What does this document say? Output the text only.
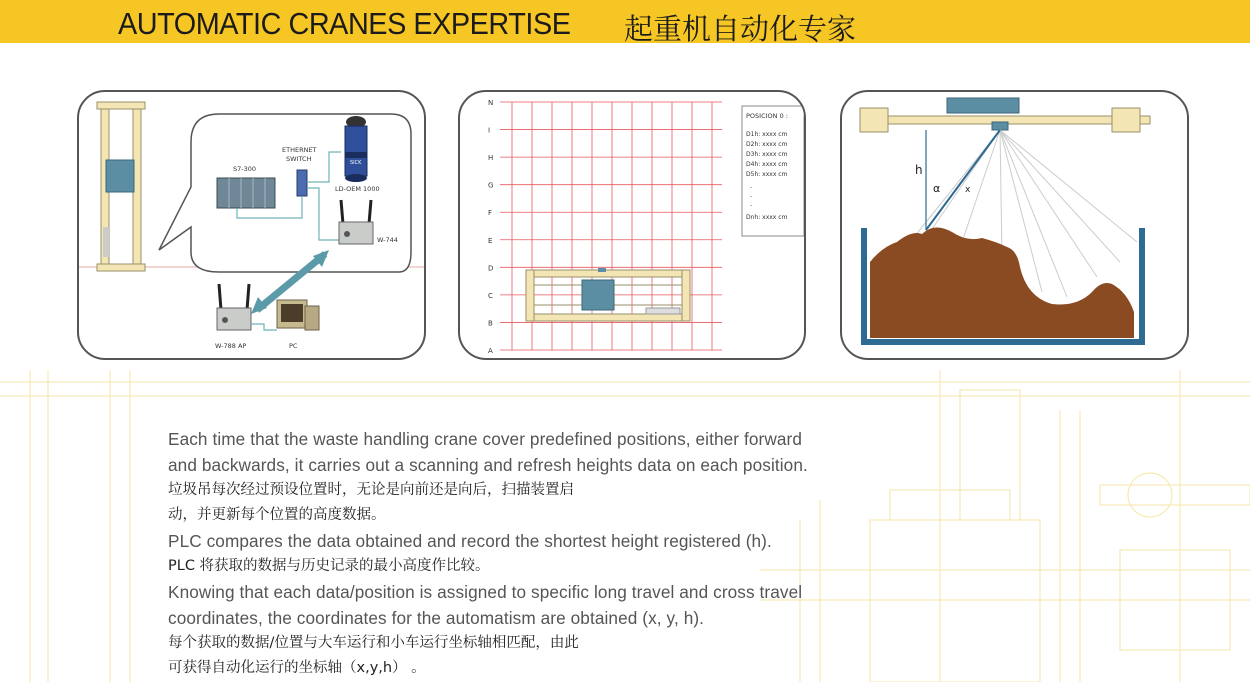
AUTOMATIC CRANES EXPERTISE 起重机自动化专家
S7-300
ETHERNET
SWITCH	SICK
LD-OEM 1000
W-744
W-788 AP	PC
N
I
H
G
F
E
D
C
B
A
POSICION 0 :
D1h: xxxx cm
D2h: xxxx cm
D3h: xxxx cm
D4h: xxxx cm
D5h: xxxx cm
.
.
.
Dnh: xxxx cm
h
α	x
Each time that the waste handling crane cover predefined positions, either forward
and backwards, it carries out a scanning and refresh heights data on each position.
垃圾吊每次经过预设位置时，无论是向前还是向后，扫描装置启
动，并更新每个位置的高度数据。
PLC compares the data obtained and record the shortest height registered (h).
PLC 将获取的数据与历史记录的最小高度作比较。
Knowing that each data/position is assigned to specific long travel and cross travel
coordinates, the coordinates for the automatism are obtained (x, y, h).
每个获取的数据/位置与大车运行和小车运行坐标轴相匹配，由此
可获得自动化运行的坐标轴（x,y,h） 。
